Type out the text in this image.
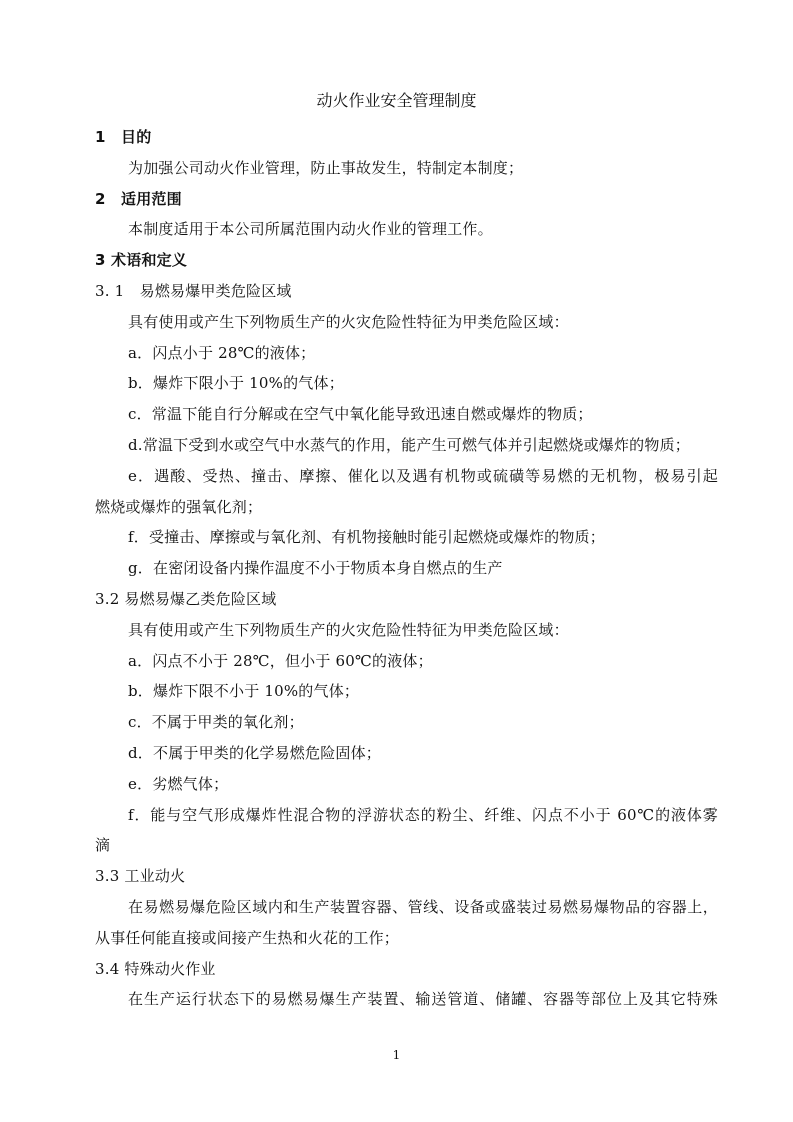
动火作业安全管理制度
1 目的
为加强公司动火作业管理，防止事故发生，特制定本制度；
2 适用范围
本制度适用于本公司所属范围内动火作业的管理工作。
3 术语和定义
3. 1　易燃易爆甲类危险区域
具有使用或产生下列物质生产的火灾危险性特征为甲类危险区域：
a．闪点小于 28℃的液体；
b．爆炸下限小于 10%的气体；
c．常温下能自行分解或在空气中氧化能导致迅速自燃或爆炸的物质；
d.常温下受到水或空气中水蒸气的作用，能产生可燃气体并引起燃烧或爆炸的物质；
e．遇酸、受热、撞击、摩擦、催化以及遇有机物或硫磺等易燃的无机物，极易引起
燃烧或爆炸的强氧化剂；
f．受撞击、摩擦或与氧化剂、有机物接触时能引起燃烧或爆炸的物质；
g．在密闭设备内操作温度不小于物质本身自燃点的生产
3.2 易燃易爆乙类危险区域
具有使用或产生下列物质生产的火灾危险性特征为甲类危险区域：
a．闪点不小于 28℃，但小于 60℃的液体；
b．爆炸下限不小于 10%的气体；
c．不属于甲类的氧化剂；
d．不属于甲类的化学易燃危险固体；
e．劣燃气体；
f．能与空气形成爆炸性混合物的浮游状态的粉尘、纤维、闪点不小于 60℃的液体雾
滴
3.3 工业动火
在易燃易爆危险区域内和生产装置容器、管线、设备或盛装过易燃易爆物品的容器上，
从事任何能直接或间接产生热和火花的工作；
3.4 特殊动火作业
在生产运行状态下的易燃易爆生产装置、输送管道、储罐、容器等部位上及其它特殊
1
